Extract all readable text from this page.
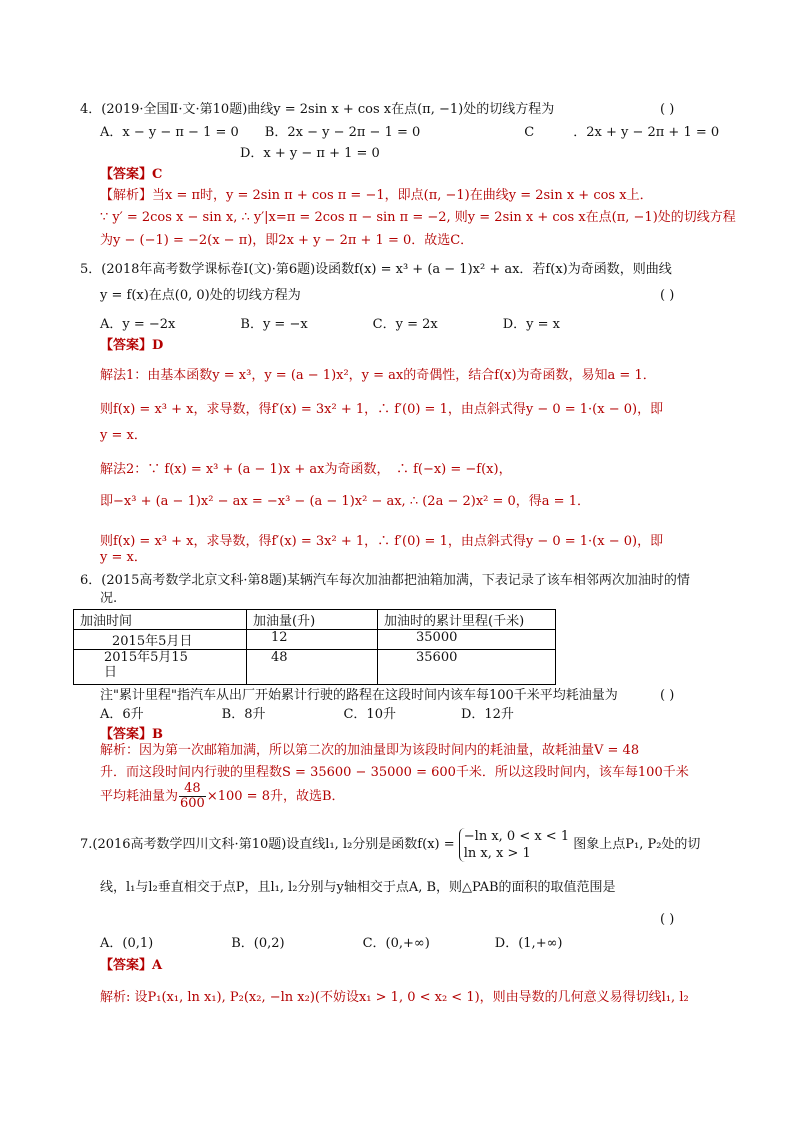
4．(2019·全国Ⅱ·文·第10题)曲线y = 2sin x + cos x在点(π, −1)处的切线方程为	( )
A．x − y − π − 1 = 0　　B．2x − y − 2π − 1 = 0　　　　　　　　C　　　．2x + y − 2π + 1 = 0
D．x + y − π + 1 = 0
【答案】C
【解析】当x = π时，y = 2sin π + cos π = −1，即点(π, −1)在曲线y = 2sin x + cos x上．
∵ y′ = 2cos x − sin x, ∴ y′|x=π = 2cos π − sin π = −2, 则y = 2sin x + cos x在点(π, −1)处的切线方程
为y − (−1) = −2(x − π)，即2x + y − 2π + 1 = 0．故选C．
5．(2018年高考数学课标卷Ⅰ(文)·第6题)设函数f(x) = x³ + (a − 1)x² + ax．若f(x)为奇函数，则曲线
y = f(x)在点(0, 0)处的切线方程为	( )
A．y = −2x　　　　　B．y = −x　　　　　C．y = 2x　　　　　D．y = x
【答案】D
解法1：由基本函数y = x³，y = (a − 1)x²，y = ax的奇偶性，结合f(x)为奇函数，易知a = 1．
则f(x) = x³ + x，求导数，得f′(x) = 3x² + 1，∴ f′(0) = 1，由点斜式得y − 0 = 1·(x − 0)，即
y = x．
解法2：∵ f(x) = x³ + (a − 1)x + ax为奇函数，　∴ f(−x) = −f(x)，
即−x³ + (a − 1)x² − ax = −x³ − (a − 1)x² − ax, ∴ (2a − 2)x² = 0，得a = 1．
则f(x) = x³ + x，求导数，得f′(x) = 3x² + 1，∴ f′(0) = 1，由点斜式得y − 0 = 1·(x − 0)，即
y = x．
6．(2015高考数学北京文科·第8题)某辆汽车每次加油都把油箱加满，下表记录了该车相邻两次加油时的情
况.
加油时间	加油量(升)	加油时的累计里程(千米)
2015年5月日	12	35000
2015年5月15
日	48	35600
注"累计里程"指汽车从出厂开始累计行驶的路程在这段时间内该车每100千米平均耗油量为	( )
A．6升　　　　　　B．8升　　　　　　C．10升　　　　　D．12升
【答案】B
解析：因为第一次邮箱加满，所以第二次的加油量即为该段时间内的耗油量，故耗油量V = 48
升．而这段时间内行驶的里程数S = 35600 − 35000 = 600千米．所以这段时间内，该车每100千米
平均耗油量为 $\frac{48}{600} \times 100 = 8$升，故选B．
7.(2016高考数学四川文科·第10题)设直线l₁, l₂分别是函数f(x) =
−ln x, 0 < x < 1
ln x, x > 1
图象上点P₁, P₂处的切
线，l₁与l₂垂直相交于点P，且l₁, l₂分别与y轴相交于点A, B，则△PAB的面积的取值范围是
( )
A．(0,1)　　　　　　B．(0,2)　　　　　　C．(0,+∞)　　　　　D．(1,+∞)
【答案】A
解析: 设P₁(x₁, ln x₁), P₂(x₂, −ln x₂)(不妨设x₁ > 1, 0 < x₂ < 1)，则由导数的几何意义易得切线l₁, l₂
